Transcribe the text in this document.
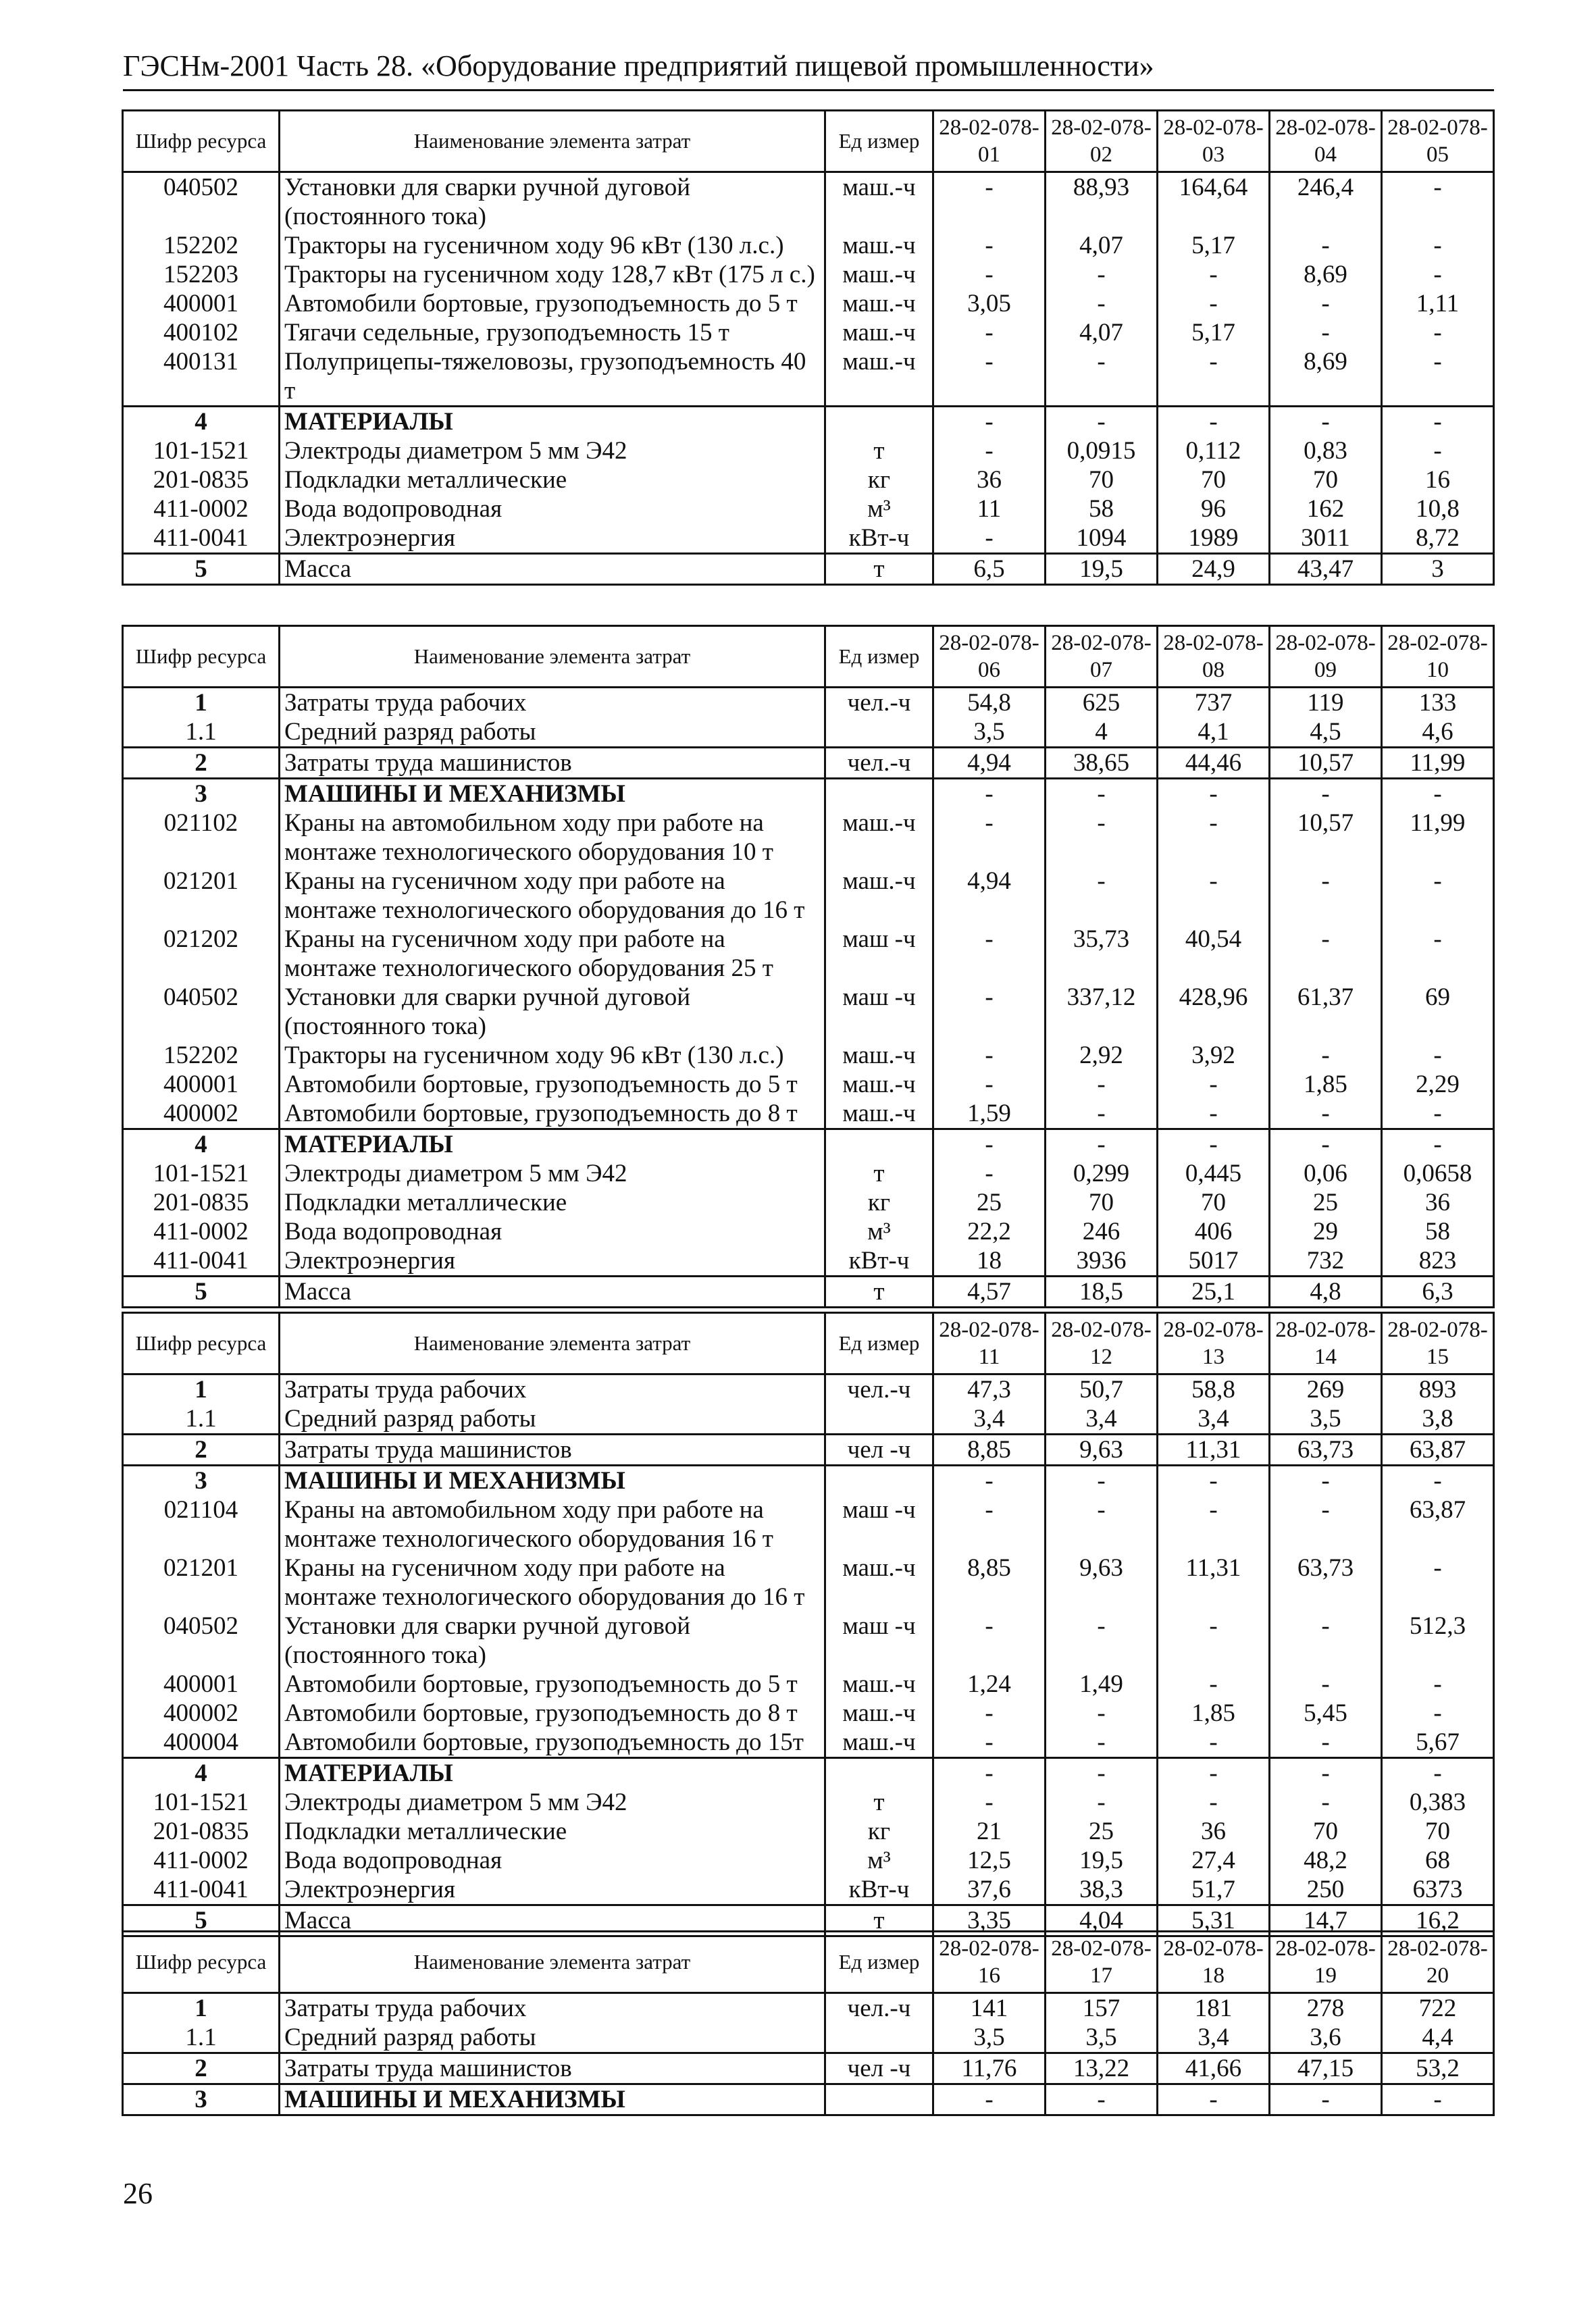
ГЭСНм-2001 Часть 28. «Оборудование предприятий пищевой промышленности»
Шифр ресурса	Наименование элемента затрат	Ед измер	28-02-078-01	28-02-078-02	28-02-078-03	28-02-078-04	28-02-078-05
040502	Установки для сварки ручной дуговой (постоянного тока)	маш.-ч	-	88,93	164,64	246,4	-
152202	Тракторы на гусеничном ходу 96 кВт (130 л.с.)	маш.-ч	-	4,07	5,17	-	-
152203	Тракторы на гусеничном ходу 128,7 кВт (175 л с.)	маш.-ч	-	-	-	8,69	-
400001	Автомобили бортовые, грузоподъемность до 5 т	маш.-ч	3,05	-	-	-	1,11
400102	Тягачи седельные, грузоподъемность 15 т	маш.-ч	-	4,07	5,17	-	-
400131	Полуприцепы-тяжеловозы, грузоподъемность 40 т	маш.-ч	-	-	-	8,69	-
4	МАТЕРИАЛЫ		-	-	-	-	-
101-1521	Электроды диаметром 5 мм Э42	т	-	0,0915	0,112	0,83	-
201-0835	Подкладки металлические	кг	36	70	70	70	16
411-0002	Вода водопроводная	м³	11	58	96	162	10,8
411-0041	Электроэнергия	кВт-ч	-	1094	1989	3011	8,72
5	Масса	т	6,5	19,5	24,9	43,47	3
Шифр ресурса	Наименование элемента затрат	Ед измер	28-02-078-06	28-02-078-07	28-02-078-08	28-02-078-09	28-02-078-10
1	Затраты труда рабочих	чел.-ч	54,8	625	737	119	133
1.1	Средний разряд работы		3,5	4	4,1	4,5	4,6
2	Затраты труда машинистов	чел.-ч	4,94	38,65	44,46	10,57	11,99
3	МАШИНЫ И МЕХАНИЗМЫ		-	-	-	-	-
021102	Краны на автомобильном ходу при работе на монтаже технологического оборудования 10 т	маш.-ч	-	-	-	10,57	11,99
021201	Краны на гусеничном ходу при работе на монтаже технологического оборудования до 16 т	маш.-ч	4,94	-	-	-	-
021202	Краны на гусеничном ходу при работе на монтаже технологического оборудования 25 т	маш -ч	-	35,73	40,54	-	-
040502	Установки для сварки ручной дуговой (постоянного тока)	маш -ч	-	337,12	428,96	61,37	69
152202	Тракторы на гусеничном ходу 96 кВт (130 л.с.)	маш.-ч	-	2,92	3,92	-	-
400001	Автомобили бортовые, грузоподъемность до 5 т	маш.-ч	-	-	-	1,85	2,29
400002	Автомобили бортовые, грузоподъемность до 8 т	маш.-ч	1,59	-	-	-	-
4	МАТЕРИАЛЫ		-	-	-	-	-
101-1521	Электроды диаметром 5 мм Э42	т	-	0,299	0,445	0,06	0,0658
201-0835	Подкладки металлические	кг	25	70	70	25	36
411-0002	Вода водопроводная	м³	22,2	246	406	29	58
411-0041	Электроэнергия	кВт-ч	18	3936	5017	732	823
5	Масса	т	4,57	18,5	25,1	4,8	6,3
Шифр ресурса	Наименование элемента затрат	Ед измер	28-02-078-11	28-02-078-12	28-02-078-13	28-02-078-14	28-02-078-15
1	Затраты труда рабочих	чел.-ч	47,3	50,7	58,8	269	893
1.1	Средний разряд работы		3,4	3,4	3,4	3,5	3,8
2	Затраты труда машинистов	чел -ч	8,85	9,63	11,31	63,73	63,87
3	МАШИНЫ И МЕХАНИЗМЫ		-	-	-	-	-
021104	Краны на автомобильном ходу при работе на монтаже технологического оборудования 16 т	маш -ч	-	-	-	-	63,87
021201	Краны на гусеничном ходу при работе на монтаже технологического оборудования до 16 т	маш.-ч	8,85	9,63	11,31	63,73	-
040502	Установки для сварки ручной дуговой (постоянного тока)	маш -ч	-	-	-	-	512,3
400001	Автомобили бортовые, грузоподъемность до 5 т	маш.-ч	1,24	1,49	-	-	-
400002	Автомобили бортовые, грузоподъемность до 8 т	маш.-ч	-	-	1,85	5,45	-
400004	Автомобили бортовые, грузоподъемность до 15т	маш.-ч	-	-	-	-	5,67
4	МАТЕРИАЛЫ		-	-	-	-	-
101-1521	Электроды диаметром 5 мм Э42	т	-	-	-	-	0,383
201-0835	Подкладки металлические	кг	21	25	36	70	70
411-0002	Вода водопроводная	м³	12,5	19,5	27,4	48,2	68
411-0041	Электроэнергия	кВт-ч	37,6	38,3	51,7	250	6373
5	Масса	т	3,35	4,04	5,31	14,7	16,2
Шифр ресурса	Наименование элемента затрат	Ед измер	28-02-078-16	28-02-078-17	28-02-078-18	28-02-078-19	28-02-078-20
1	Затраты труда рабочих	чел.-ч	141	157	181	278	722
1.1	Средний разряд работы		3,5	3,5	3,4	3,6	4,4
2	Затраты труда машинистов	чел -ч	11,76	13,22	41,66	47,15	53,2
3	МАШИНЫ И МЕХАНИЗМЫ		-	-	-	-	-
26
